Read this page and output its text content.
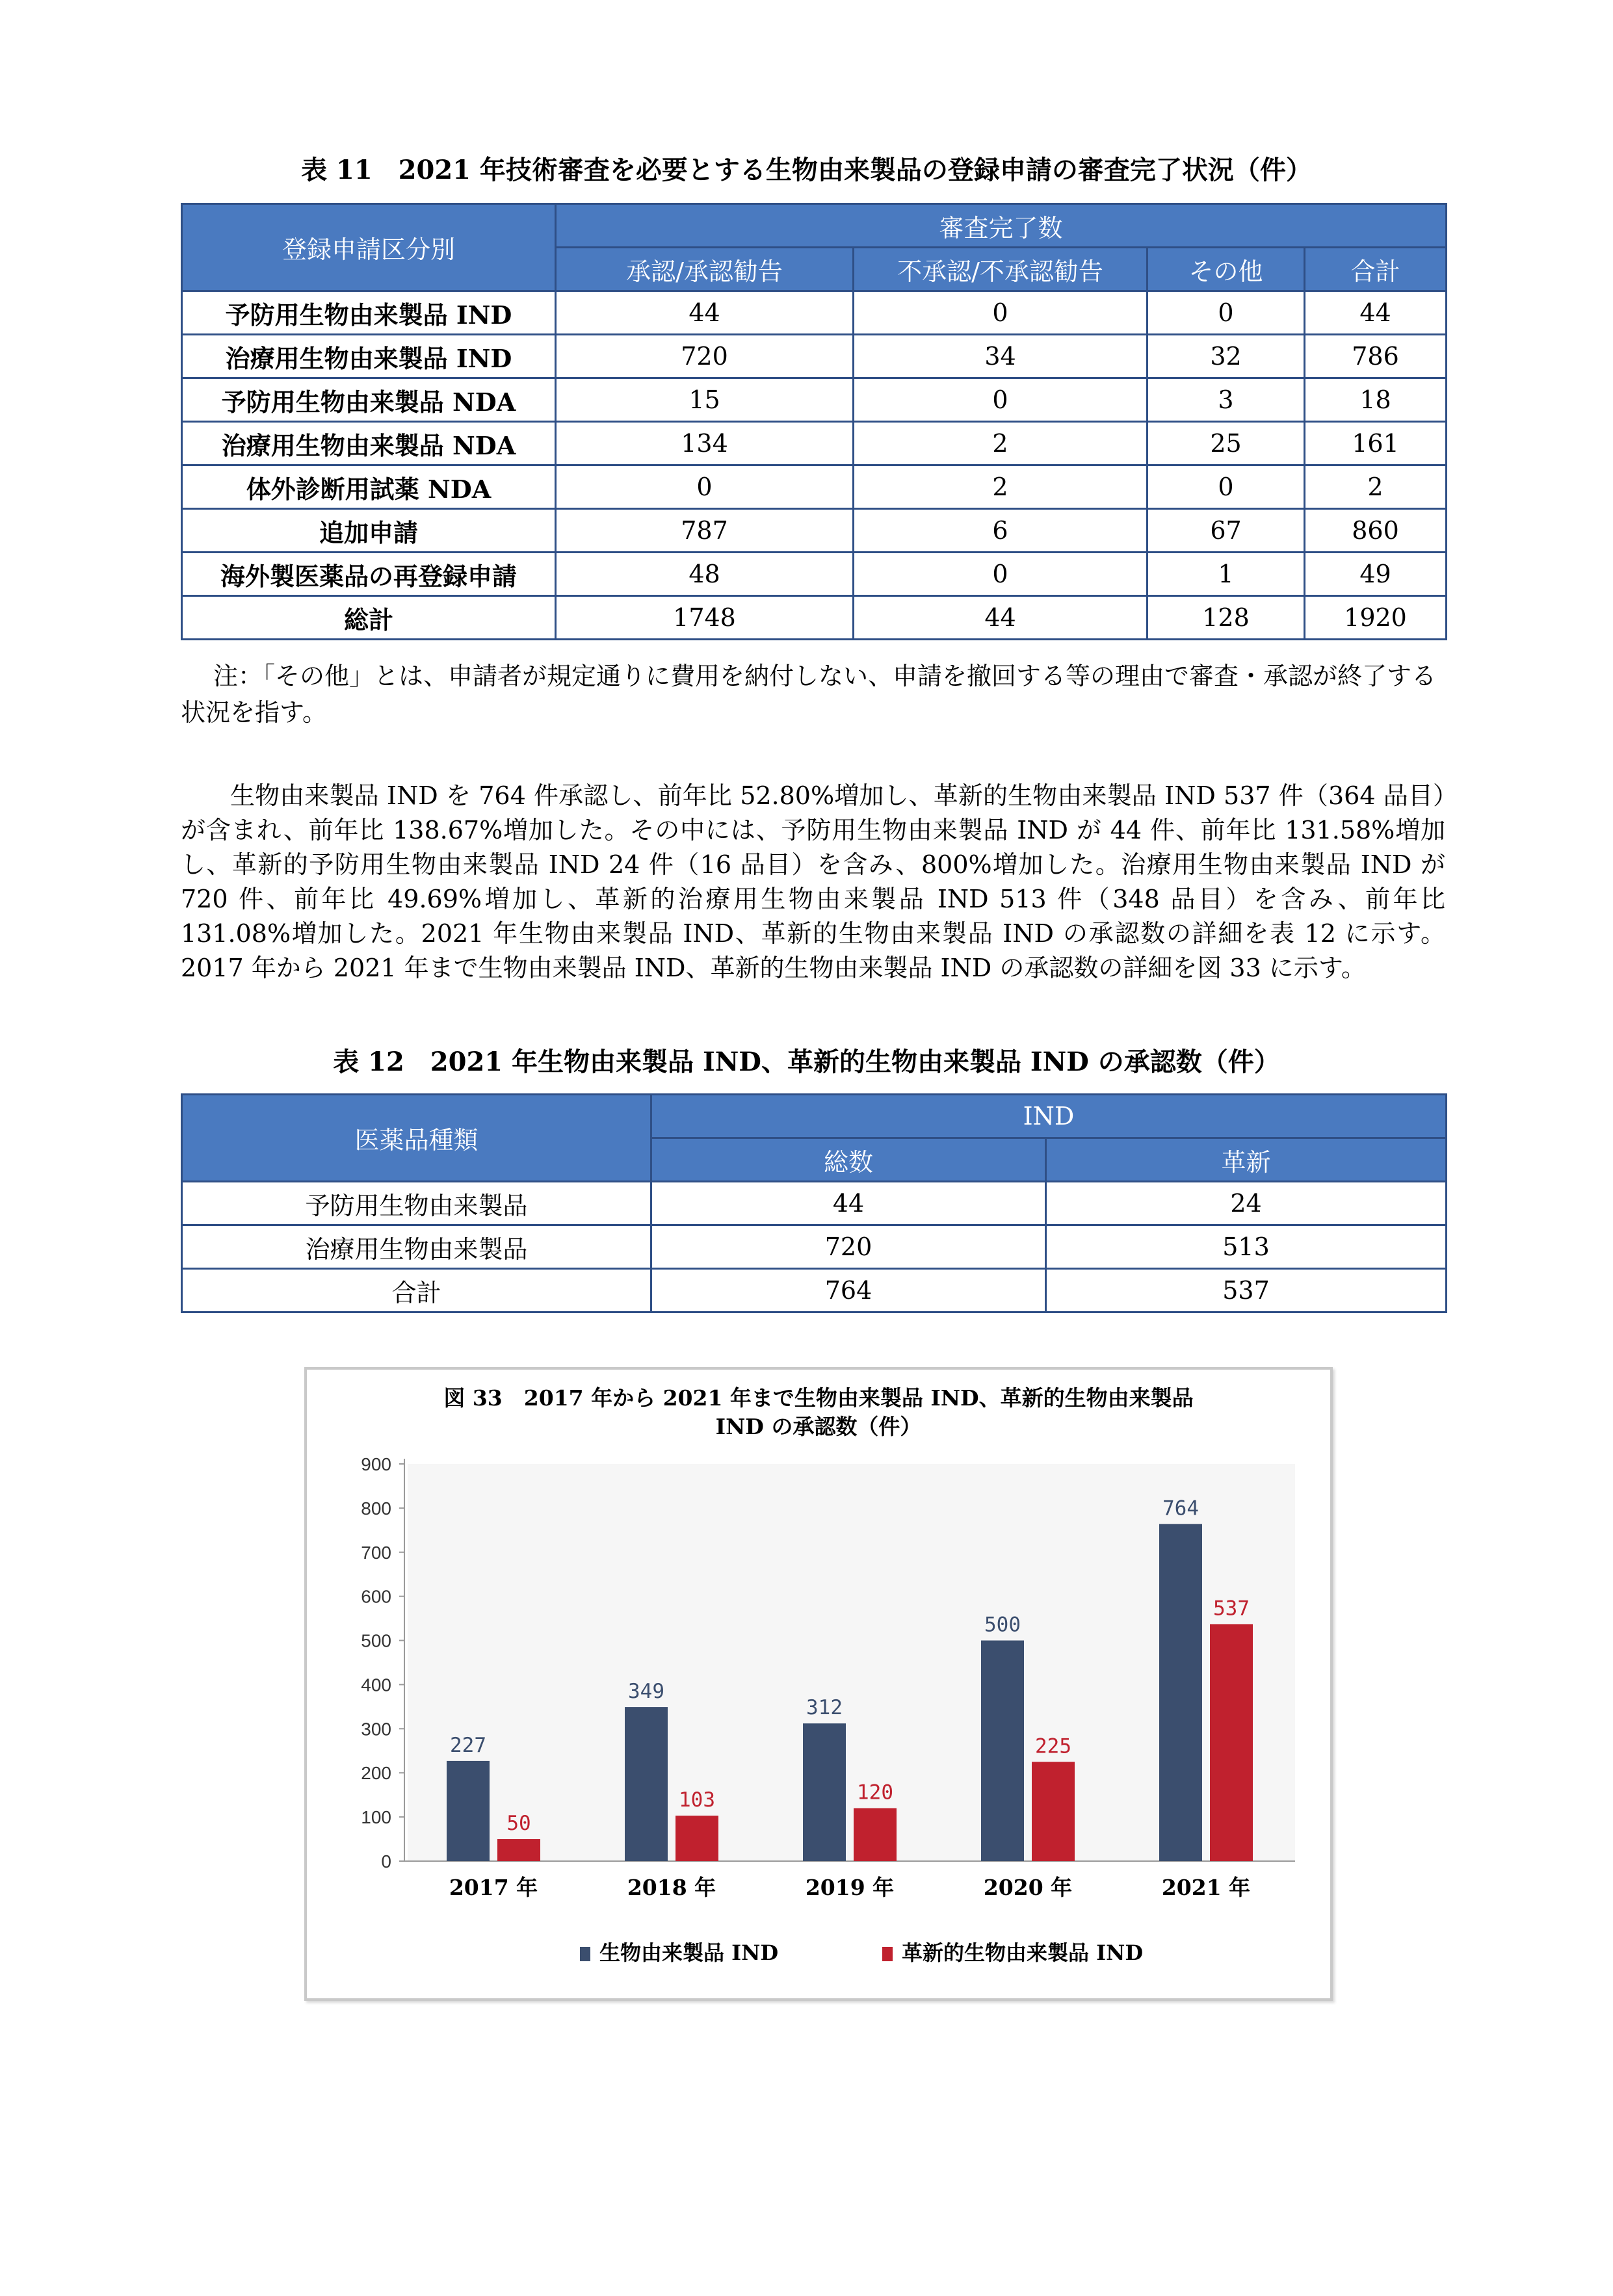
表 11　2021 年技術審査を必要とする生物由来製品の登録申請の審査完了状況（件）
登録申請区分別	審査完了数			
	承認/承認勧告	不承認/不承認勧告	その他	合計
予防用生物由来製品 IND	44	0	0	44
治療用生物由来製品 IND	720	34	32	786
予防用生物由来製品 NDA	15	0	3	18
治療用生物由来製品 NDA	134	2	25	161
体外診断用試薬 NDA	0	2	0	2
追加申請	787	6	67	860
海外製医薬品の再登録申請	48	0	1	49
総計	1748	44	128	1920
注：「その他」とは、申請者が規定通りに費用を納付しない、申請を撤回する等の理由で審査・承認が終了する状況を指す。
生物由来製品 IND を 764 件承認し、前年比 52.80%増加し、革新的生物由来製品 IND 537 件（364 品目）が含まれ、前年比 138.67%増加した。その中には、予防用生物由来製品 IND が 44 件、前年比 131.58%増加し、革新的予防用生物由来製品 IND 24 件（16 品目）を含み、800%増加した。治療用生物由来製品 IND が 720 件、前年比 49.69%増加し、革新的治療用生物由来製品 IND 513 件（348 品目）を含み、前年比 131.08%増加した。2021 年生物由来製品 IND、革新的生物由来製品 IND の承認数の詳細を表 12 に示す。2017 年から 2021 年まで生物由来製品 IND、革新的生物由来製品 IND の承認数の詳細を図 33 に示す。
表 12　2021 年生物由来製品 IND、革新的生物由来製品 IND の承認数（件）
医薬品種類	IND	
	総数	革新
予防用生物由来製品	44	24
治療用生物由来製品	720	513
合計	764	537
図 33　2017 年から 2021 年まで生物由来製品 IND、革新的生物由来製品
IND の承認数（件）
0
100
200
300
400
500
600
700
800
900
227
50
2017 年
349
103
2018 年
312
120
2019 年
500
225
2020 年
764
537
2021 年
生物由来製品 IND	革新的生物由来製品 IND
